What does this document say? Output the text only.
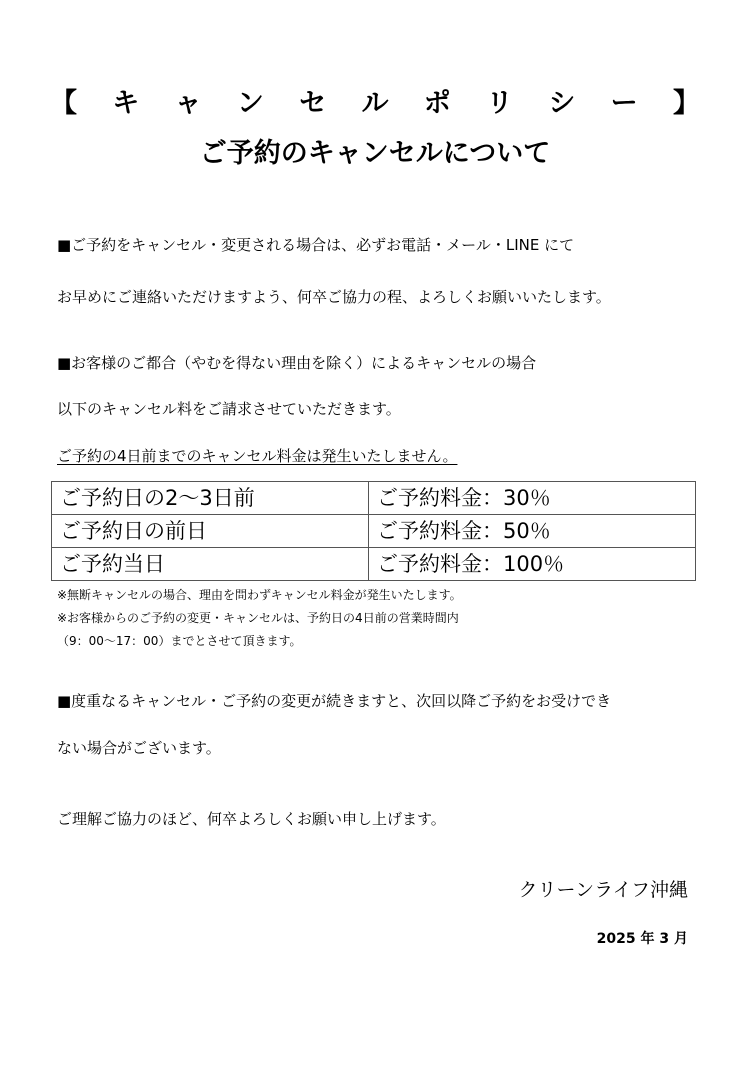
【 キ ャ ン セ ル ポ リ シ ー 】
ご予約のキャンセルについて
■ご予約をキャンセル・変更される場合は、必ずお電話・メール・LINE にて
お早めにご連絡いただけますよう、何卒ご協力の程、よろしくお願いいたします。
■お客様のご都合（やむを得ない理由を除く）によるキャンセルの場合
以下のキャンセル料をご請求させていただきます。
ご予約の4日前までのキャンセル料金は発生いたしません。
ご予約日の2～3日前	ご予約料金：30％
ご予約日の前日	ご予約料金：50％
ご予約当日	ご予約料金：100％
※無断キャンセルの場合、理由を問わずキャンセル料金が発生いたします。
※お客様からのご予約の変更・キャンセルは、予約日の4日前の営業時間内
（9：00～17：00）までとさせて頂きます。
■度重なるキャンセル・ご予約の変更が続きますと、次回以降ご予約をお受けでき
ない場合がございます。
ご理解ご協力のほど、何卒よろしくお願い申し上げます。
クリーンライフ沖縄
2025 年 3 月
